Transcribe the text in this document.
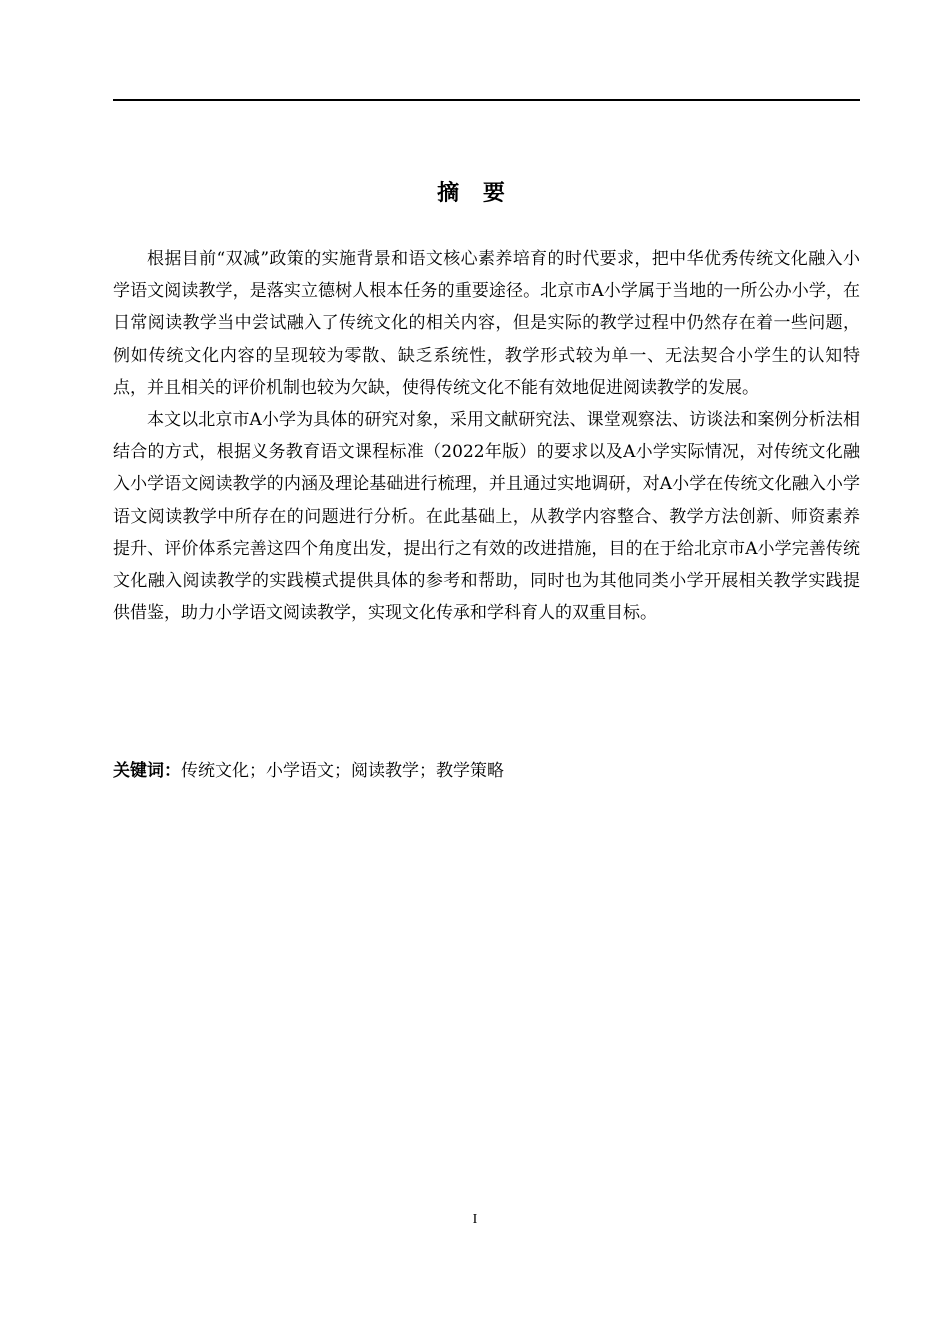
摘 要

根据目前“双减”政策的实施背景和语文核心素养培育的时代要求，把中华优秀传统文化融入小学语文阅读教学，是落实立德树人根本任务的重要途径。北京市A小学属于当地的一所公办小学，在日常阅读教学当中尝试融入了传统文化的相关内容，但是实际的教学过程中仍然存在着一些问题，例如传统文化内容的呈现较为零散、缺乏系统性，教学形式较为单一、无法契合小学生的认知特点，并且相关的评价机制也较为欠缺，使得传统文化不能有效地促进阅读教学的发展。

本文以北京市A小学为具体的研究对象，采用文献研究法、课堂观察法、访谈法和案例分析法相结合的方式，根据义务教育语文课程标准（2022年版）的要求以及A小学实际情况，对传统文化融入小学语文阅读教学的内涵及理论基础进行梳理，并且通过实地调研，对A小学在传统文化融入小学语文阅读教学中所存在的问题进行分析。在此基础上，从教学内容整合、教学方法创新、师资素养提升、评价体系完善这四个角度出发，提出行之有效的改进措施，目的在于给北京市A小学完善传统文化融入阅读教学的实践模式提供具体的参考和帮助，同时也为其他同类小学开展相关教学实践提供借鉴，助力小学语文阅读教学，实现文化传承和学科育人的双重目标。

关键词：传统文化；小学语文；阅读教学；教学策略
I
